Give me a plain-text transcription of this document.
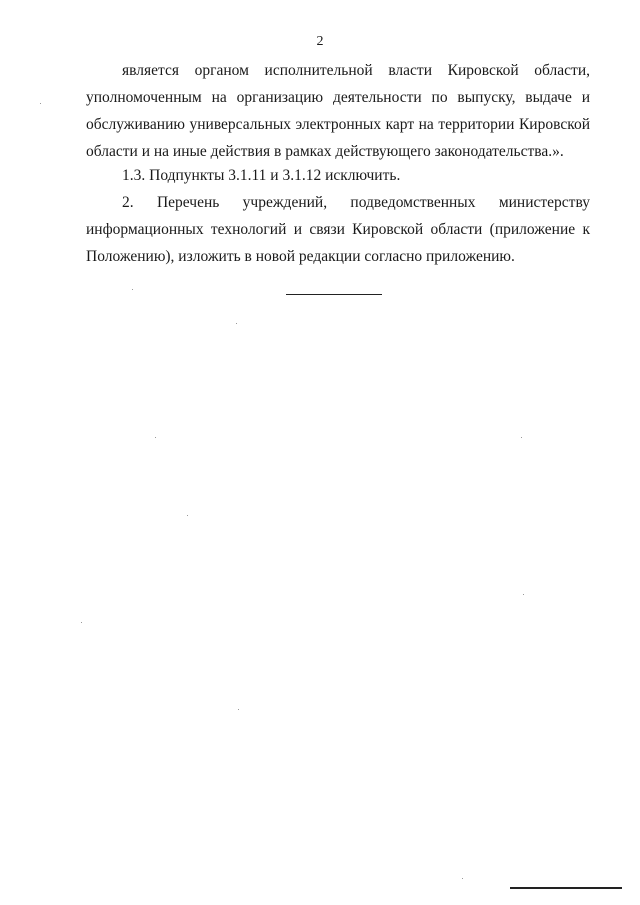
2
является органом исполнительной власти Кировской области,
уполномоченным на организацию деятельности по выпуску, выдаче и
обслуживанию универсальных электронных карт на территории Кировской
области и на иные действия в рамках действующего законодательства.».
1.3. Подпункты 3.1.11 и 3.1.12 исключить.
2. Перечень учреждений, подведомственных министерству
информационных технологий и связи Кировской области (приложение к
Положению), изложить в новой редакции согласно приложению.
